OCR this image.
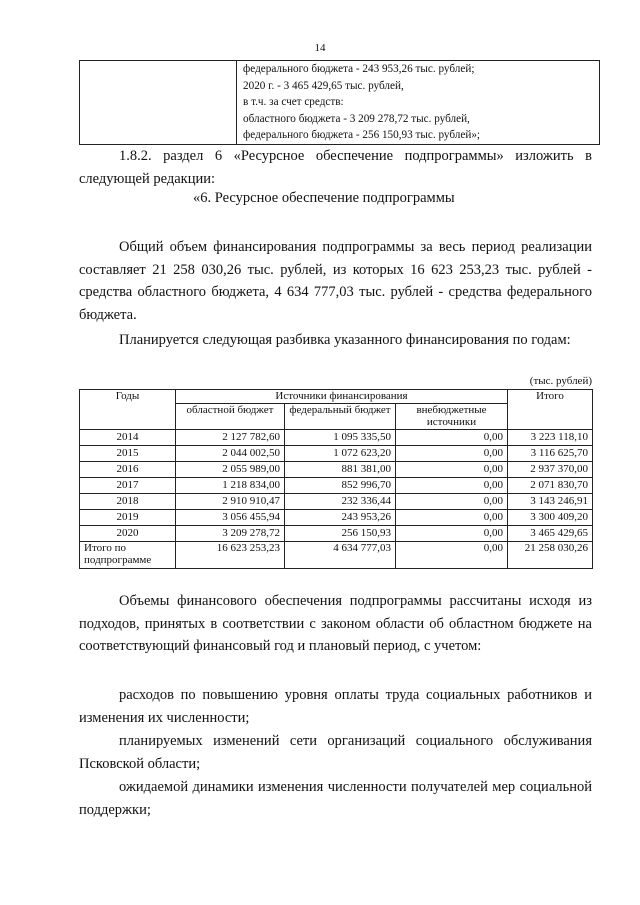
14

федерального бюджета - 243 953,26 тыс. рублей;
2020 г. - 3 465 429,65 тыс. рублей,
в т.ч. за счет средств:
областного бюджета - 3 209 278,72 тыс. рублей,
федерального бюджета - 256 150,93 тыс. рублей»;
1.8.2. раздел 6 «Ресурсное обеспечение подпрограммы» изложить в следующей редакции:
«6. Ресурсное обеспечение подпрограммы
Общий объем финансирования подпрограммы за весь период реализации составляет 21 258 030,26 тыс. рублей, из которых 16 623 253,23 тыс. рублей - средства областного бюджета, 4 634 777,03 тыс. рублей - средства федерального бюджета.
Планируется следующая разбивка указанного финансирования по годам:
(тыс. рублей)
Годы	Источники финансирования			Итого
	областной бюджет	федеральный бюджет	внебюджетные источники	
2014	2 127 782,60	1 095 335,50	0,00	3 223 118,10
2015	2 044 002,50	1 072 623,20	0,00	3 116 625,70
2016	2 055 989,00	881 381,00	0,00	2 937 370,00
2017	1 218 834,00	852 996,70	0,00	2 071 830,70
2018	2 910 910,47	232 336,44	0,00	3 143 246,91
2019	3 056 455,94	243 953,26	0,00	3 300 409,20
2020	3 209 278,72	256 150,93	0,00	3 465 429,65
Итого по подпрограмме	16 623 253,23	4 634 777,03	0,00	21 258 030,26
Объемы финансового обеспечения подпрограммы рассчитаны исходя из подходов, принятых в соответствии с законом области об областном бюджете на соответствующий финансовый год и плановый период, с учетом:
расходов по повышению уровня оплаты труда социальных работников и изменения их численности;
планируемых изменений сети организаций социального обслуживания Псковской области;
ожидаемой динамики изменения численности получателей мер социальной поддержки;
